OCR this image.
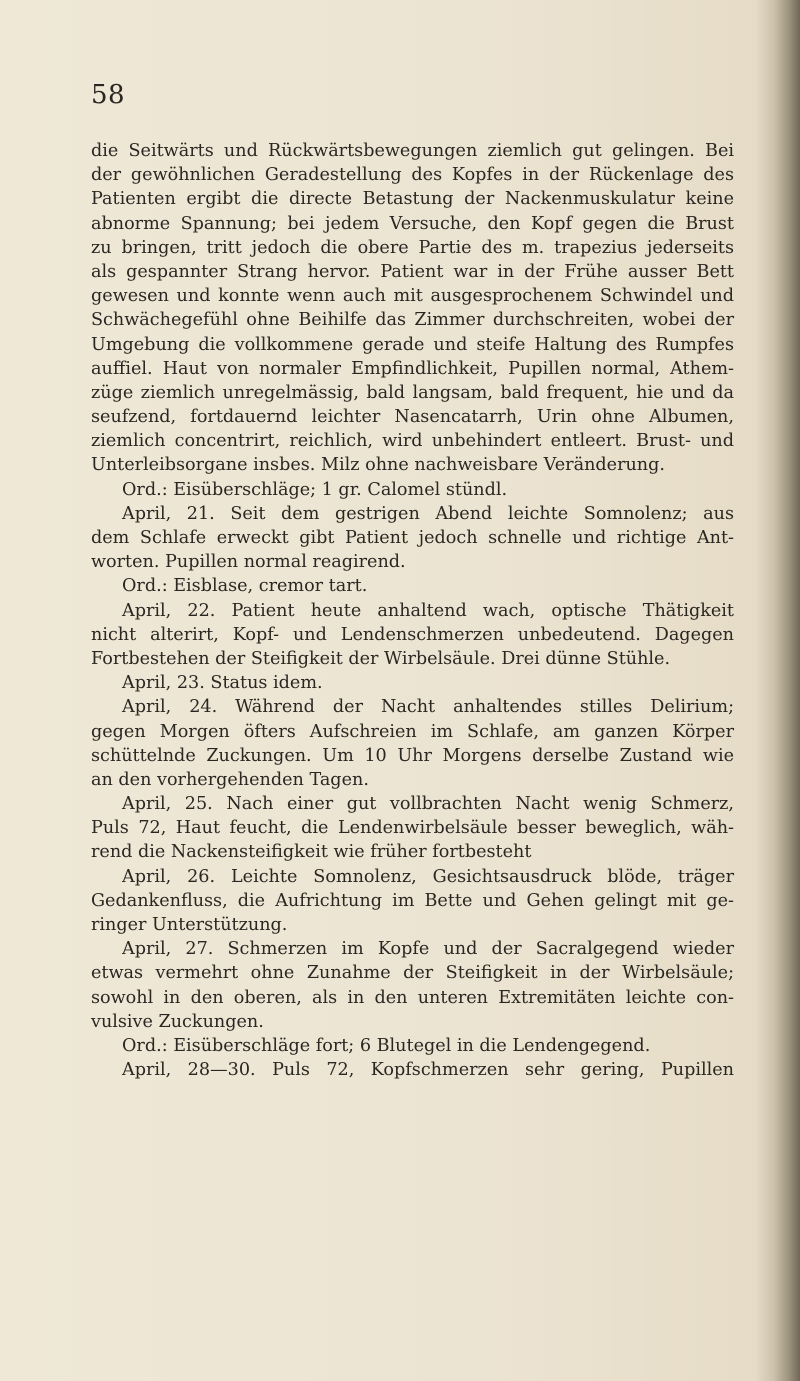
58

die Seitwärts und Rückwärtsbewegungen ziemlich gut gelingen. Bei
der gewöhnlichen Geradestellung des Kopfes in der Rückenlage des
Patienten ergibt die directe Betastung der Nackenmuskulatur keine
abnorme Spannung; bei jedem Versuche, den Kopf gegen die Brust
zu bringen, tritt jedoch die obere Partie des m. trapezius jederseits
als gespannter Strang hervor. Patient war in der Frühe ausser Bett
gewesen und konnte wenn auch mit ausgesprochenem Schwindel und
Schwächegefühl ohne Beihilfe das Zimmer durchschreiten, wobei der
Umgebung die vollkommene gerade und steife Haltung des Rumpfes
auffiel. Haut von normaler Empfindlichkeit, Pupillen normal, Athem-
züge ziemlich unregelmässig, bald langsam, bald frequent, hie und da
seufzend, fortdauernd leichter Nasencatarrh, Urin ohne Albumen,
ziemlich concentrirt, reichlich, wird unbehindert entleert. Brust- und
Unterleibsorgane insbes. Milz ohne nachweisbare Veränderung.
Ord.: Eisüberschläge; 1 gr. Calomel stündl.
April, 21. Seit dem gestrigen Abend leichte Somnolenz; aus
dem Schlafe erweckt gibt Patient jedoch schnelle und richtige Ant-
worten. Pupillen normal reagirend.
Ord.: Eisblase, cremor tart.
April, 22. Patient heute anhaltend wach, optische Thätigkeit
nicht alterirt, Kopf- und Lendenschmerzen unbedeutend. Dagegen
Fortbestehen der Steifigkeit der Wirbelsäule. Drei dünne Stühle.
April, 23. Status idem.
April, 24. Während der Nacht anhaltendes stilles Delirium;
gegen Morgen öfters Aufschreien im Schlafe, am ganzen Körper
schüttelnde Zuckungen. Um 10 Uhr Morgens derselbe Zustand wie
an den vorhergehenden Tagen.
April, 25. Nach einer gut vollbrachten Nacht wenig Schmerz,
Puls 72, Haut feucht, die Lendenwirbelsäule besser beweglich, wäh-
rend die Nackensteifigkeit wie früher fortbesteht
April, 26. Leichte Somnolenz, Gesichtsausdruck blöde, träger
Gedankenfluss, die Aufrichtung im Bette und Gehen gelingt mit ge-
ringer Unterstützung.
April, 27. Schmerzen im Kopfe und der Sacralgegend wieder
etwas vermehrt ohne Zunahme der Steifigkeit in der Wirbelsäule;
sowohl in den oberen, als in den unteren Extremitäten leichte con-
vulsive Zuckungen.
Ord.: Eisüberschläge fort; 6 Blutegel in die Lendengegend.
April, 28—30. Puls 72, Kopfschmerzen sehr gering, Pupillen
